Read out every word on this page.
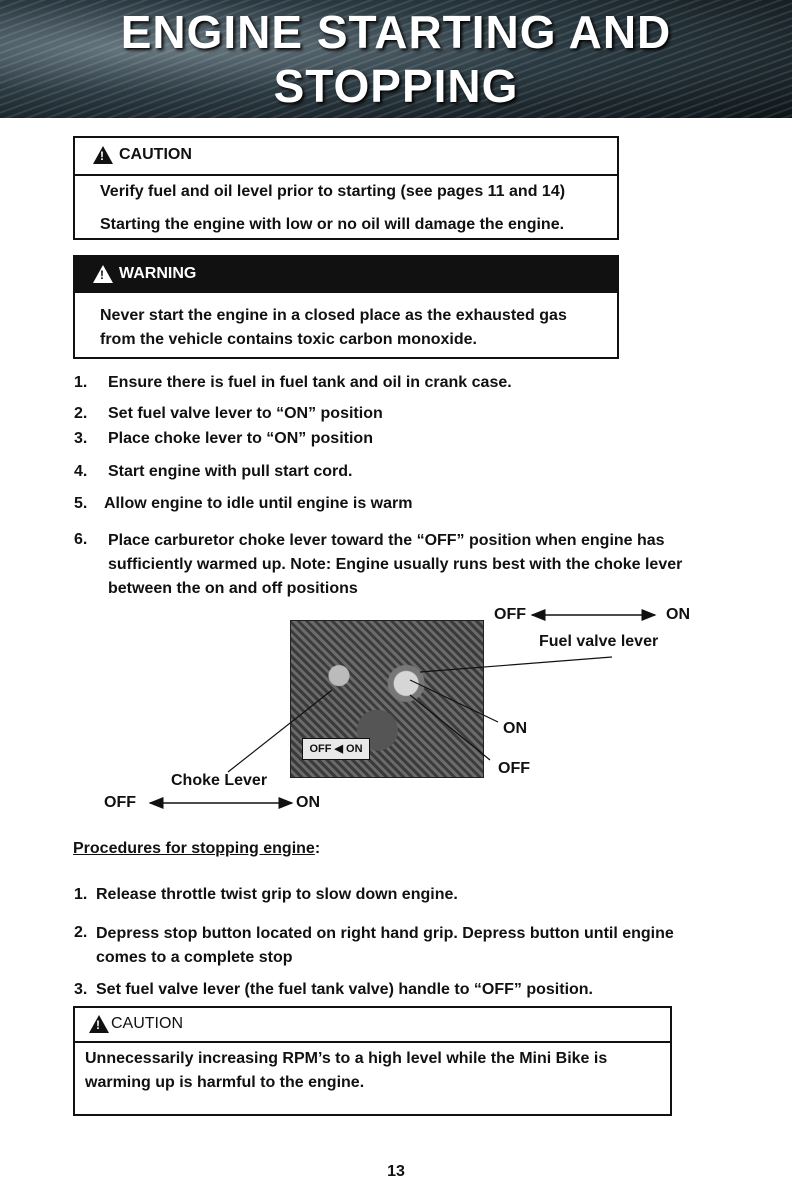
ENGINE STARTING AND
STOPPING
!
CAUTION
Verify fuel and oil level prior to starting (see pages 11 and 14)
Starting the engine with low or no oil will damage the engine.
!
WARNING
Never start the engine in a closed place as the exhausted gas
from the vehicle contains toxic carbon monoxide.
1. Ensure there is fuel in fuel tank and oil in crank case.
2. Set fuel valve lever to “ON” position
3. Place choke lever to “ON” position
4. Start engine with pull start cord.
5. Allow engine to idle until engine is warm
6. Place carburetor choke lever toward the “OFF” position when engine has sufficiently warmed up. Note: Engine usually runs best with the choke lever between the on and off positions
OFF ◀ ON
OFF	ON
Fuel valve lever
ON
OFF
Choke Lever
OFF	ON
Procedures for stopping engine:
1. Release throttle twist grip to slow down engine.
2. Depress stop button located on right hand grip. Depress button until engine comes to a complete stop
3. Set fuel valve lever (the fuel tank valve) handle to “OFF” position.
!
CAUTION
Unnecessarily increasing RPM’s to a high level while the Mini Bike is
warming up is harmful to the engine.
13
